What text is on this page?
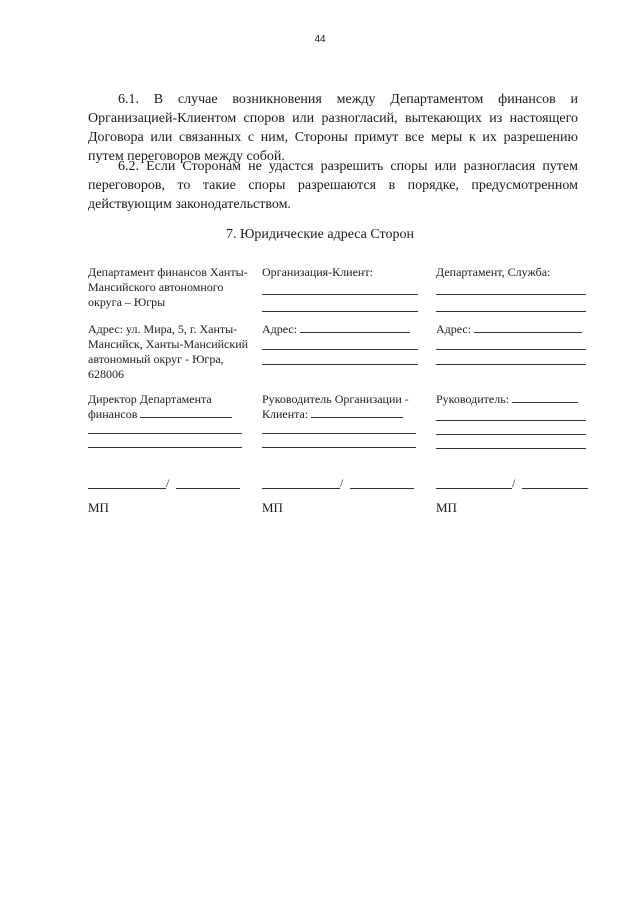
44

6.1. В случае возникновения между Департаментом финансов и Организацией-Клиентом споров или разногласий, вытекающих из настоящего Договора или связанных с ним, Стороны примут все меры к их разрешению путем переговоров между собой.

6.2. Если Сторонам не удастся разрешить споры или разногласия путем переговоров, то такие споры разрешаются в порядке, предусмотренном действующим законодательством.

7. Юридические адреса Сторон
Департамент финансов Ханты-Мансийского автономного округа – Югры
Адрес: ул. Мира, 5, г. Ханты-Мансийск, Ханты-Мансийский автономный округ - Югра, 628006
Директор Департамента финансов
/
МП
Организация-Клиент:
Адрес:
Руководитель Организации - Клиента:
/
МП
Департамент, Служба:
Адрес:
Руководитель:
/
МП
